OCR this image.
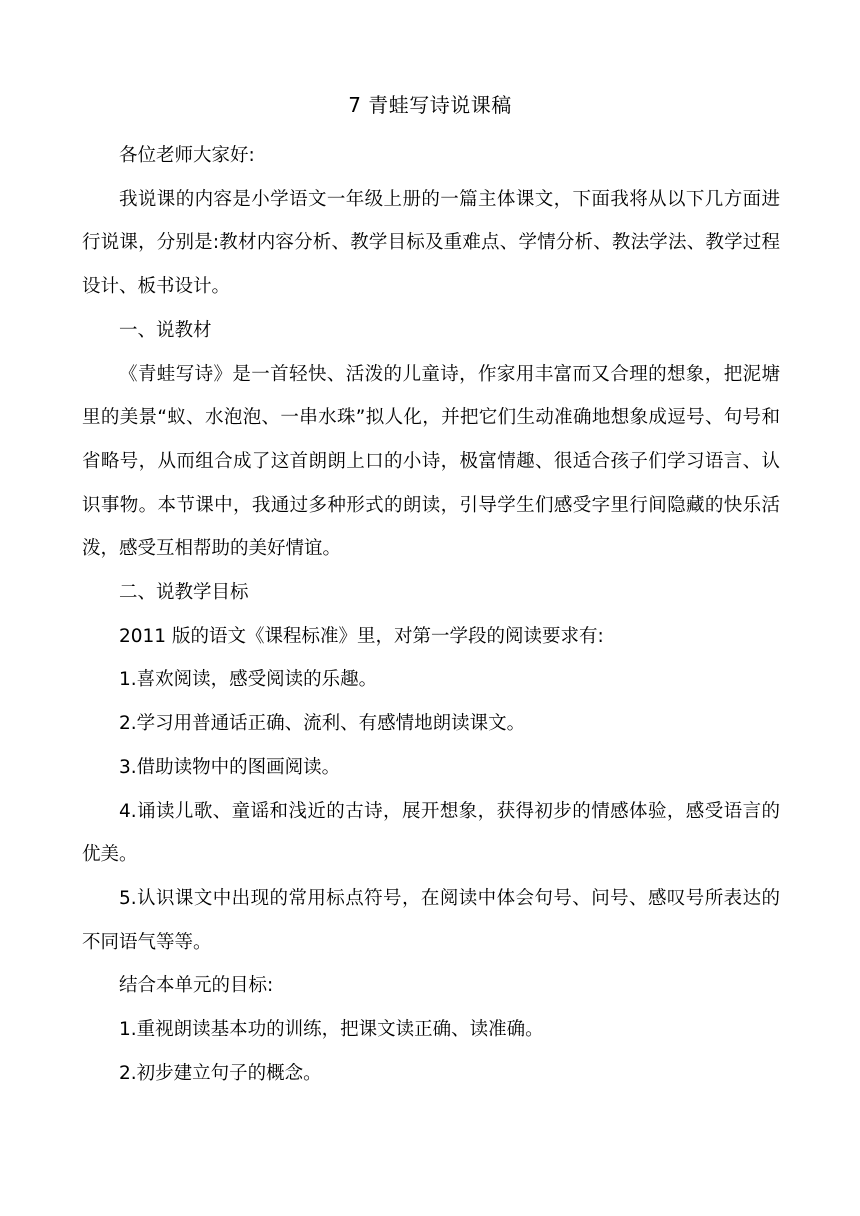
7 青蛙写诗说课稿

各位老师大家好:

我说课的内容是小学语文一年级上册的一篇主体课文，下面我将从以下几方面进行说课，分别是:教材内容分析、教学目标及重难点、学情分析、教法学法、教学过程设计、板书设计。

一、说教材

《青蛙写诗》是一首轻快、活泼的儿童诗，作家用丰富而又合理的想象，把泥塘里的美景“蚁、水泡泡、一串水珠”拟人化，并把它们生动准确地想象成逗号、句号和省略号，从而组合成了这首朗朗上口的小诗，极富情趣、很适合孩子们学习语言、认识事物。本节课中，我通过多种形式的朗读，引导学生们感受字里行间隐藏的快乐活泼，感受互相帮助的美好情谊。

二、说教学目标

2011 版的语文《课程标准》里，对第一学段的阅读要求有:

1.喜欢阅读，感受阅读的乐趣。

2.学习用普通话正确、流利、有感情地朗读课文。

3.借助读物中的图画阅读。

4.诵读儿歌、童谣和浅近的古诗，展开想象，获得初步的情感体验，感受语言的优美。

5.认识课文中出现的常用标点符号，在阅读中体会句号、问号、感叹号所表达的不同语气等等。

结合本单元的目标:

1.重视朗读基本功的训练，把课文读正确、读准确。

2.初步建立句子的概念。
